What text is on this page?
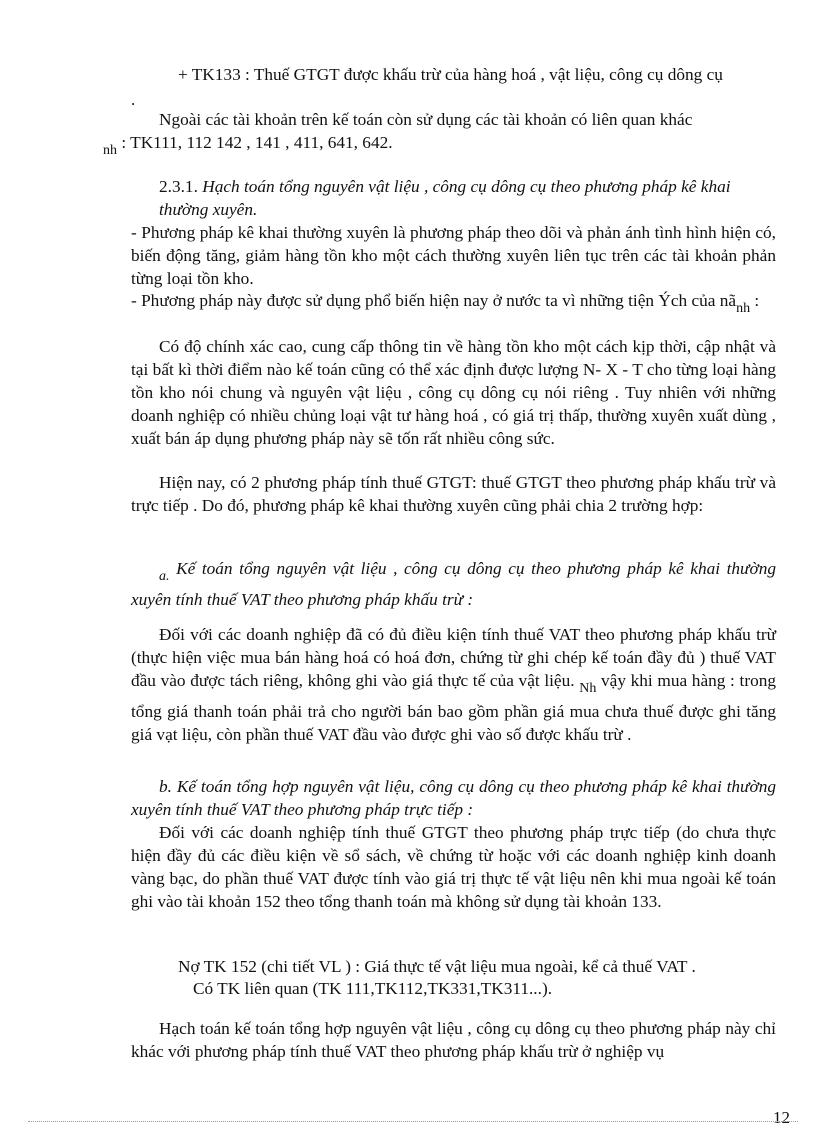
+ TK133 : Thuế GTGT được khấu trừ của hàng hoá , vật liệu, công cụ dông cụ

.

Ngoài các tài khoản trên kế toán còn sử dụng các tài khoản có liên quan khác
$_{nh}$ : TK111, 112 142 , 141 , 411, 641, 642.

2.3.1. Hạch toán tổng nguyên vật liệu , công cụ dông cụ theo phương pháp kê khai thường xuyên.

- Phương pháp kê khai thường xuyên là phương pháp theo dõi và phản ánh tình hình hiện có, biến động tăng, giảm hàng tồn kho một cách thường xuyên liên tục trên các tài khoản phản từng loại tồn kho.

- Phương pháp này được sử dụng phổ biến hiện nay ở nước ta vì những tiện Ých của $nã_{nh}$ :

Có độ chính xác cao, cung cấp thông tin về hàng tồn kho một cách kịp thời, cập nhật và tại bất kì thời điểm nào kế toán cũng có thể xác định được lượng N- X - T cho từng loại hàng tồn kho nói chung và nguyên vật liệu , công cụ dông cụ nói riêng . Tuy nhiên với những doanh nghiệp có nhiều chủng loại vật tư hàng hoá , có giá trị thấp, thường xuyên xuất dùng , xuất bán áp dụng phương pháp này sẽ tốn rất nhiều công sức.

Hiện nay, có 2 phương pháp tính thuế GTGT: thuế GTGT theo phương pháp khấu trừ và trực tiếp . Do đó, phương pháp kê khai thường xuyên cũng phải chia 2 trường hợp:

$_{a.}$ Kế toán tổng nguyên vật liệu , công cụ dông cụ theo phương pháp kê khai thường xuyên tính thuế VAT theo phương pháp khấu trừ :

Đối với các doanh nghiệp đã có đủ điều kiện tính thuế VAT theo phương pháp khấu trừ (thực hiện việc mua bán hàng hoá có hoá đơn, chứng từ ghi chép kế toán đầy đủ ) thuế VAT đầu vào được tách riêng, không ghi vào giá thực tế của vật liệu. $_{Nh}$ vậy khi mua hàng : trong tổng giá thanh toán phải trả cho người bán bao gồm phần giá mua chưa thuế được ghi tăng giá vạt liệu, còn phần thuế VAT đầu vào được ghi vào số được khấu trừ .

b. Kế toán tổng hợp nguyên vật liệu, công cụ dông cụ theo phương pháp kê khai thường xuyên tính thuế VAT theo phương pháp trực tiếp :

Đối với các doanh nghiệp tính thuế GTGT theo phương pháp trực tiếp (do chưa thực hiện đầy đủ các điều kiện về sổ sách, về chứng từ hoặc với các doanh nghiệp kinh doanh vàng bạc, do phần thuế VAT được tính vào giá trị thực tế vật liệu nên khi mua ngoài kế toán ghi vào tài khoản 152 theo tổng thanh toán mà không sử dụng tài khoản 133.

Nợ TK 152 (chi tiết VL ) : Giá thực tế vật liệu mua ngoài, kể cả thuế VAT .

Có TK liên quan (TK 111,TK112,TK331,TK311...).

Hạch toán kế toán tổng hợp nguyên vật liệu , công cụ dông cụ theo phương pháp này chỉ khác với phương pháp tính thuế VAT theo phương pháp khấu trừ ở nghiệp vụ

12
